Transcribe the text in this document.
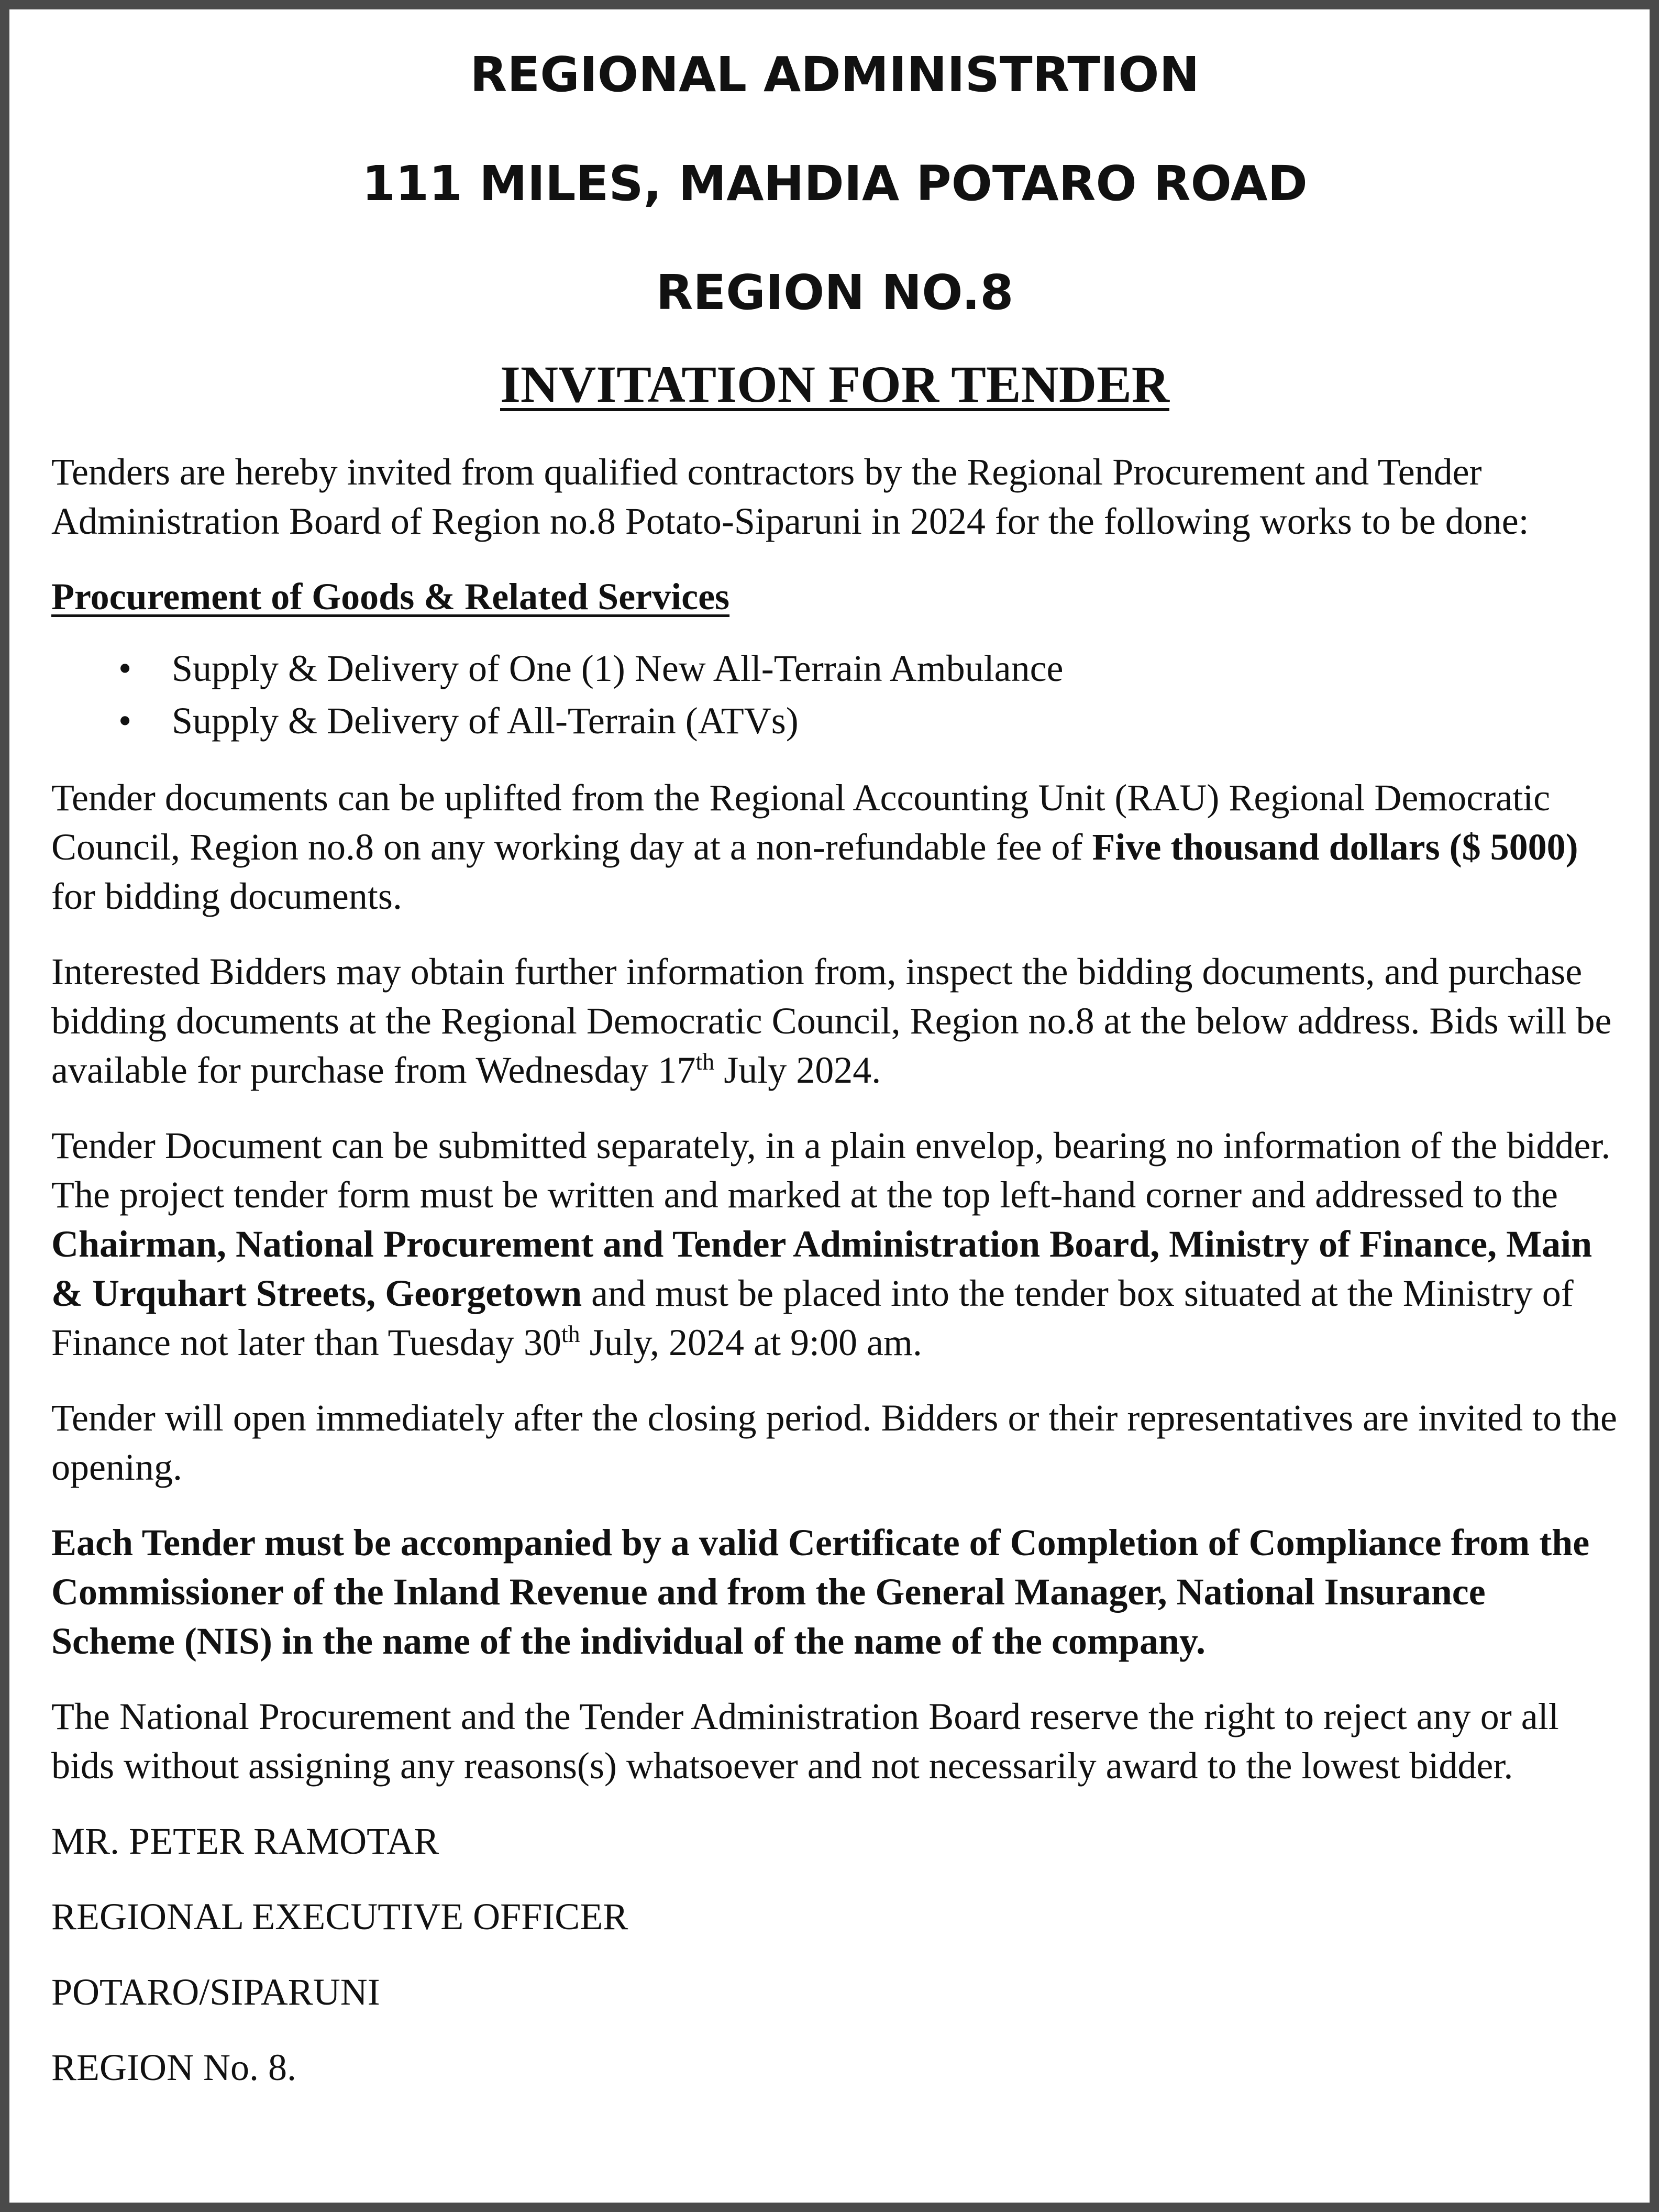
REGIONAL ADMINISTRTION
111 MILES, MAHDIA POTARO ROAD
REGION NO.8
INVITATION FOR TENDER

Tenders are hereby invited from qualified contractors by the Regional Procurement and Tender Administration Board of Region no.8 Potato-Siparuni in 2024 for the following works to be done:

Procurement of Goods & Related Services
• Supply & Delivery of One (1) New All-Terrain Ambulance
• Supply & Delivery of All-Terrain (ATVs)

Tender documents can be uplifted from the Regional Accounting Unit (RAU) Regional Democratic Council, Region no.8 on any working day at a non-refundable fee of Five thousand dollars ($ 5000) for bidding documents.

Interested Bidders may obtain further information from, inspect the bidding documents, and purchase bidding documents at the Regional Democratic Council, Region no.8 at the below address. Bids will be available for purchase from Wednesday 17th July 2024.

Tender Document can be submitted separately, in a plain envelop, bearing no information of the bidder. The project tender form must be written and marked at the top left-hand corner and addressed to the Chairman, National Procurement and Tender Administration Board, Ministry of Finance, Main & Urquhart Streets, Georgetown and must be placed into the tender box situated at the Ministry of Finance not later than Tuesday 30th July, 2024 at 9:00 am.

Tender will open immediately after the closing period. Bidders or their representatives are invited to the opening.

Each Tender must be accompanied by a valid Certificate of Completion of Compliance from the Commissioner of the Inland Revenue and from the General Manager, National Insurance Scheme (NIS) in the name of the individual of the name of the company.

The National Procurement and the Tender Administration Board reserve the right to reject any or all bids without assigning any reasons(s) whatsoever and not necessarily award to the lowest bidder.

MR. PETER RAMOTAR
REGIONAL EXECUTIVE OFFICER
POTARO/SIPARUNI
REGION No. 8.
